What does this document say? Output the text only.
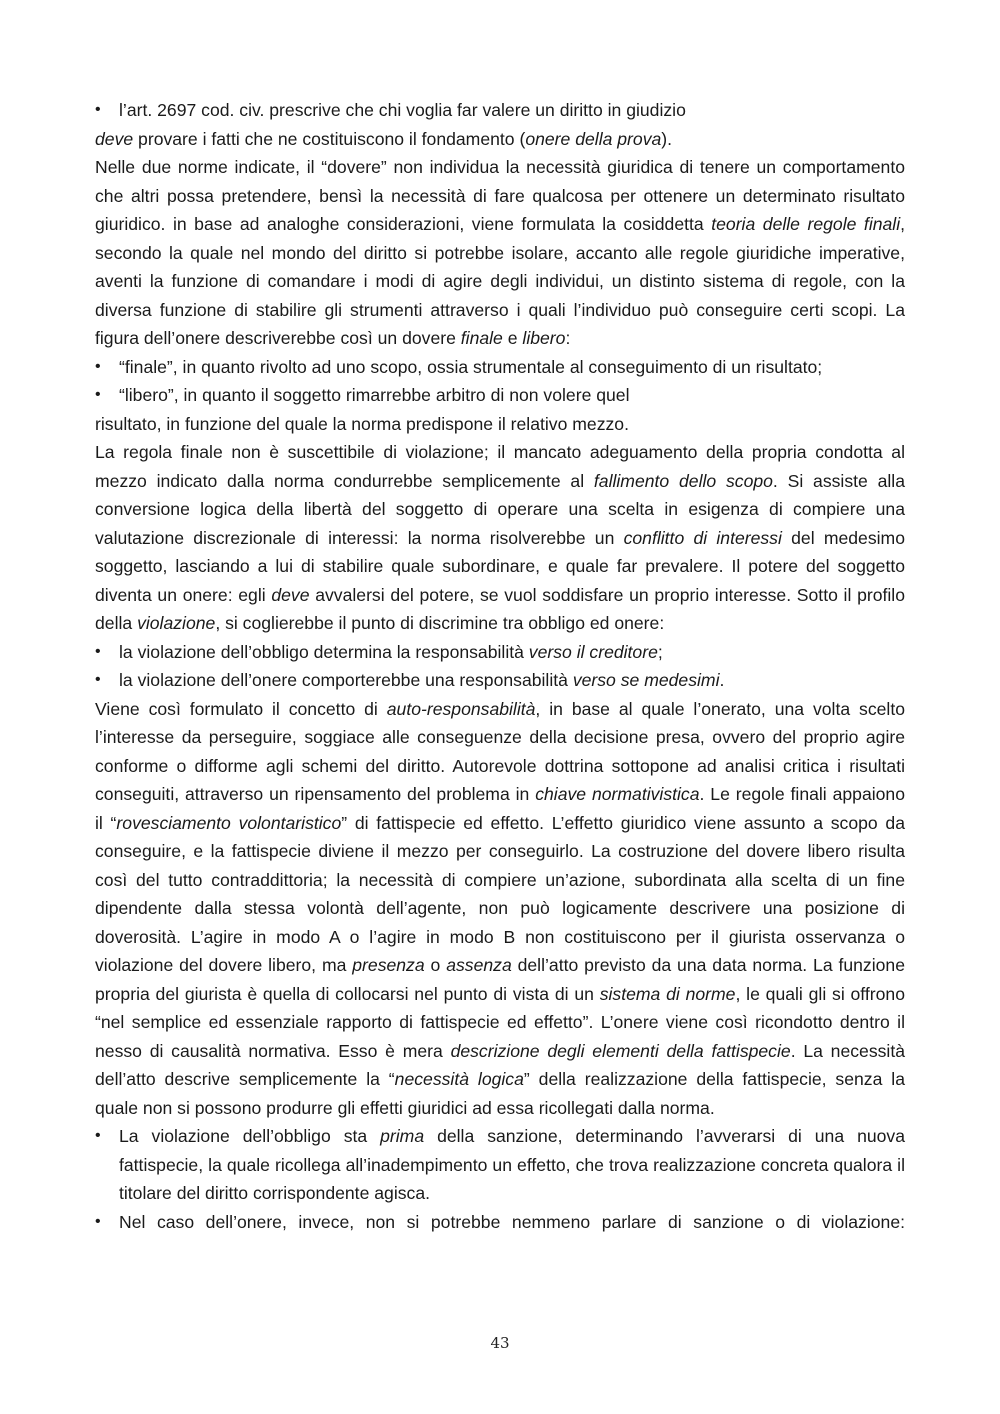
•	l’art. 2697 cod. civ. prescrive che chi voglia far valere un diritto in giudizio

deve provare i fatti che ne costituiscono il fondamento (onere della prova).

Nelle due norme indicate, il “dovere” non individua la necessità giuridica di tenere un comportamento che altri possa pretendere, bensì la necessità di fare qualcosa per ottenere un determinato risultato giuridico. in base ad analoghe considerazioni, viene formulata la cosiddetta teoria delle regole finali, secondo la quale nel mondo del diritto si potrebbe isolare, accanto alle regole giuridiche imperative, aventi la funzione di comandare i modi di agire degli individui, un distinto sistema di regole, con la diversa funzione di stabilire gli strumenti attraverso i quali l’individuo può conseguire certi scopi. La figura dell’onere descriverebbe così un dovere finale e libero:

•	“finale”, in quanto rivolto ad uno scopo, ossia strumentale al conseguimento di un risultato;
•	“libero”, in quanto il soggetto rimarrebbe arbitro di non volere quel

risultato, in funzione del quale la norma predispone il relativo mezzo.

La regola finale non è suscettibile di violazione; il mancato adeguamento della propria condotta al mezzo indicato dalla norma condurrebbe semplicemente al fallimento dello scopo. Si assiste alla conversione logica della libertà del soggetto di operare una scelta in esigenza di compiere una valutazione discrezionale di interessi: la norma risolverebbe un conflitto di interessi del medesimo soggetto, lasciando a lui di stabilire quale subordinare, e quale far prevalere. Il potere del soggetto diventa un onere: egli deve avvalersi del potere, se vuol soddisfare un proprio interesse. Sotto il profilo della violazione, si coglierebbe il punto di discrimine tra obbligo ed onere:

•	la violazione dell’obbligo determina la responsabilità verso il creditore;
•	la violazione dell’onere comporterebbe una responsabilità verso se medesimi.

Viene così formulato il concetto di auto-responsabilità, in base al quale l’onerato, una volta scelto l’interesse da perseguire, soggiace alle conseguenze della decisione presa, ovvero del proprio agire conforme o difforme agli schemi del diritto. Autorevole dottrina sottopone ad analisi critica i risultati conseguiti, attraverso un ripensamento del problema in chiave normativistica. Le regole finali appaiono il “rovesciamento volontaristico” di fattispecie ed effetto. L’effetto giuridico viene assunto a scopo da conseguire, e la fattispecie diviene il mezzo per conseguirlo. La costruzione del dovere libero risulta così del tutto contraddittoria; la necessità di compiere un’azione, subordinata alla scelta di un fine dipendente dalla stessa volontà dell’agente, non può logicamente descrivere una posizione di doverosità. L’agire in modo A o l’agire in modo B non costituiscono per il giurista osservanza o violazione del dovere libero, ma presenza o assenza dell’atto previsto da una data norma. La funzione propria del giurista è quella di collocarsi nel punto di vista di un sistema di norme, le quali gli si offrono “nel semplice ed essenziale rapporto di fattispecie ed effetto”. L’onere viene così ricondotto dentro il nesso di causalità normativa. Esso è mera descrizione degli elementi della fattispecie. La necessità dell’atto descrive semplicemente la “necessità logica” della realizzazione della fattispecie, senza la quale non si possono produrre gli effetti giuridici ad essa ricollegati dalla norma.

•	La violazione dell’obbligo sta prima della sanzione, determinando l’avverarsi di una nuova fattispecie, la quale ricollega all’inadempimento un effetto, che trova realizzazione concreta qualora il titolare del diritto corrispondente agisca.
•	Nel caso dell’onere, invece, non si potrebbe nemmeno parlare di sanzione o di violazione:
43
